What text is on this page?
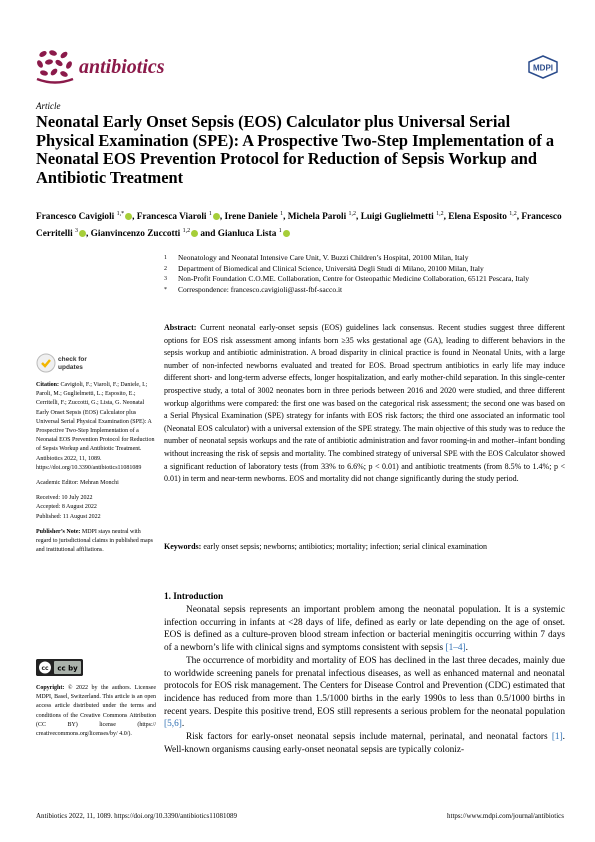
antibiotics	MDPI
Article
Neonatal Early Onset Sepsis (EOS) Calculator plus Universal Serial Physical Examination (SPE): A Prospective Two-Step Implementation of a Neonatal EOS Prevention Protocol for Reduction of Sepsis Workup and Antibiotic Treatment
Francesco Cavigioli $^{1,*}$ , Francesca Viaroli $^1$ , Irene Daniele $^1$, Michela Paroli $^{1,2}$, Luigi Guglielmetti $^{1,2}$, Elena Esposito $^{1,2}$, Francesco Cerritelli $^3$ , Gianvincenzo Zuccotti $^{1,2}$ and Gianluca Lista $^1$
1	Neonatology and Neonatal Intensive Care Unit, V. Buzzi Children’s Hospital, 20100 Milan, Italy
2	Department of Biomedical and Clinical Science, Università Degli Studi di Milano, 20100 Milan, Italy
3	Non-Profit Foundation C.O.ME. Collaboration, Centre for Osteopathic Medicine Collaboration, 65121 Pescara, Italy
*	Correspondence: francesco.cavigioli@asst-fbf-sacco.it
Abstract: Current neonatal early-onset sepsis (EOS) guidelines lack consensus. Recent studies suggest three different options for EOS risk assessment among infants born ≥35 wks gestational age (GA), leading to different behaviors in the sepsis workup and antibiotic administration. A broad disparity in clinical practice is found in Neonatal Units, with a large number of non-infected newborns evaluated and treated for EOS. Broad spectrum antibiotics in early life may induce different short- and long-term adverse effects, longer hospitalization, and early mother-child separation. In this single-center prospective study, a total of 3002 neonates born in three periods between 2016 and 2020 were studied, and three different workup algorithms were compared: the first one was based on the categorical risk assessment; the second one was based on a Serial Physical Examination (SPE) strategy for infants with EOS risk factors; the third one associated an informatic tool (Neonatal EOS calculator) with a universal extension of the SPE strategy. The main objective of this study was to reduce the number of neonatal sepsis workups and the rate of antibiotic administration and favor rooming-in and mother–infant bonding without increasing the risk of sepsis and mortality. The combined strategy of universal SPE with the EOS Calculator showed a significant reduction of laboratory tests (from 33% to 6.6%; p < 0.01) and antibiotic treatments (from 8.5% to 1.4%; p < 0.01) in term and near-term newborns. EOS and mortality did not change significantly during the study period.
Keywords: early onset sepsis; newborns; antibiotics; mortality; infection; serial clinical examination
check for
updates

Citation: Cavigioli, F.; Viaroli, F.; Daniele, I.; Paroli, M.; Guglielmetti, L.; Esposito, E.; Cerritelli, F.; Zuccotti, G.; Lista, G. Neonatal Early Onset Sepsis (EOS) Calculator plus Universal Serial Physical Examination (SPE): A Prospective Two-Step Implementation of a Neonatal EOS Prevention Protocol for Reduction of Sepsis Workup and Antibiotic Treatment. Antibiotics 2022, 11, 1089. https://doi.org/10.3390/antibiotics11081089

Academic Editor: Mehran Monchi

Received: 10 July 2022

Accepted: 8 August 2022

Published: 11 August 2022

Publisher’s Note: MDPI stays neutral with regard to jurisdictional claims in published maps and institutional affiliations.

cc cc by
Copyright: © 2022 by the authors. Licensee MDPI, Basel, Switzerland. This article is an open access article distributed under the terms and conditions of the Creative Commons Attribution (CC BY) license (https:// creativecommons.org/licenses/by/ 4.0/).
1. Introduction

Neonatal sepsis represents an important problem among the neonatal population. It is a systemic infection occurring in infants at <28 days of life, defined as early or late depending on the age of onset. EOS is defined as a culture-proven blood stream infection or bacterial meningitis occurring within 7 days of a newborn’s life with clinical signs and symptoms consistent with sepsis [1–4].

The occurrence of morbidity and mortality of EOS has declined in the last three decades, mainly due to worldwide screening panels for prenatal infectious diseases, as well as enhanced maternal and neonatal protocols for EOS risk management. The Centers for Disease Control and Prevention (CDC) estimated that incidence has reduced from more than 1.5/1000 births in the early 1990s to less than 0.5/1000 births in recent years. Despite this positive trend, EOS still represents a serious problem for the neonatal population [5,6].

Risk factors for early-onset neonatal sepsis include maternal, perinatal, and neonatal factors [1]. Well-known organisms causing early-onset neonatal sepsis are typically coloniz-

Antibiotics 2022, 11, 1089. https://doi.org/10.3390/antibiotics11081089	https://www.mdpi.com/journal/antibiotics
